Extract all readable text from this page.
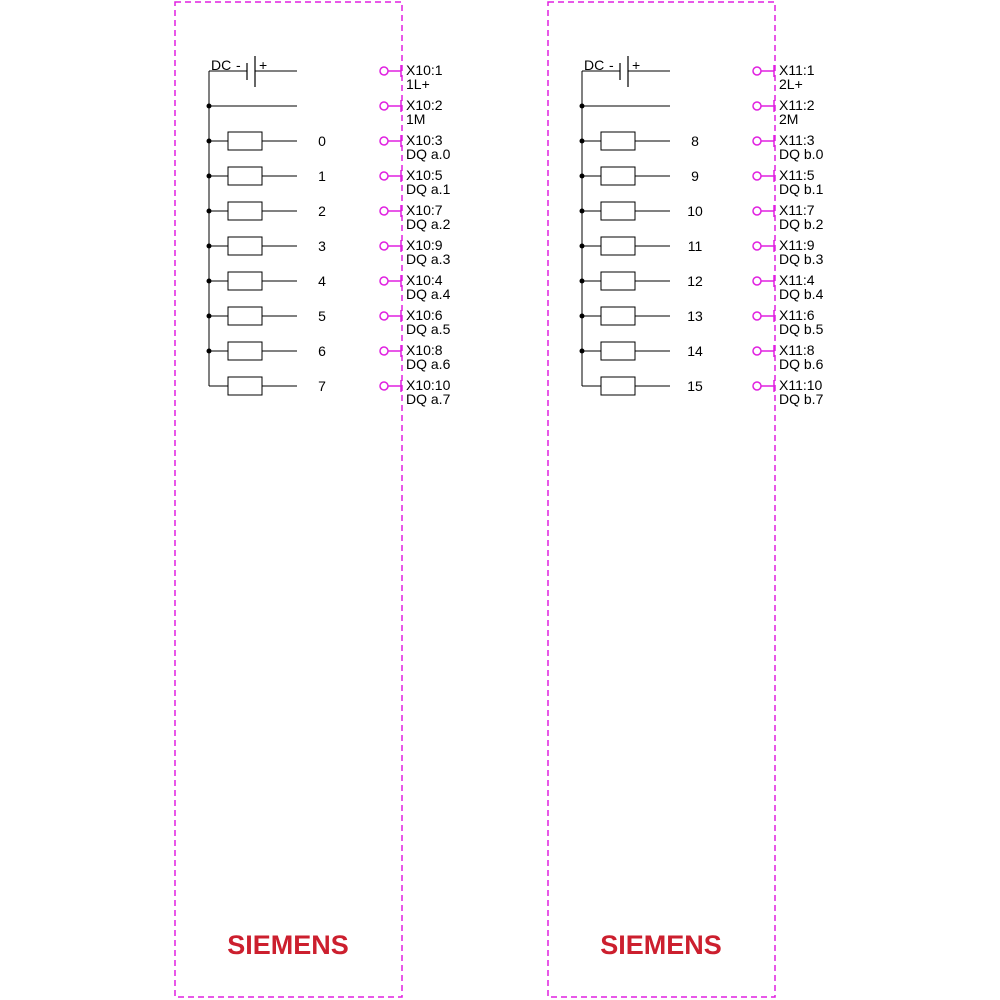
DC - +	X10:1
1L+
X10:2
1M
0	X10:3
DQ a.0
1	X10:5
DQ a.1
2	X10:7
DQ a.2
3	X10:9
DQ a.3
4	X10:4
DQ a.4
5	X10:6
DQ a.5
6	X10:8
DQ a.6
7	X10:10
DQ a.7
SIEMENS
DC - +	X11:1
2L+
X11:2
2M
8	X11:3
DQ b.0
9	X11:5
DQ b.1
10	X11:7
DQ b.2
11	X11:9
DQ b.3
12	X11:4
DQ b.4
13	X11:6
DQ b.5
14	X11:8
DQ b.6
15	X11:10
DQ b.7
SIEMENS
